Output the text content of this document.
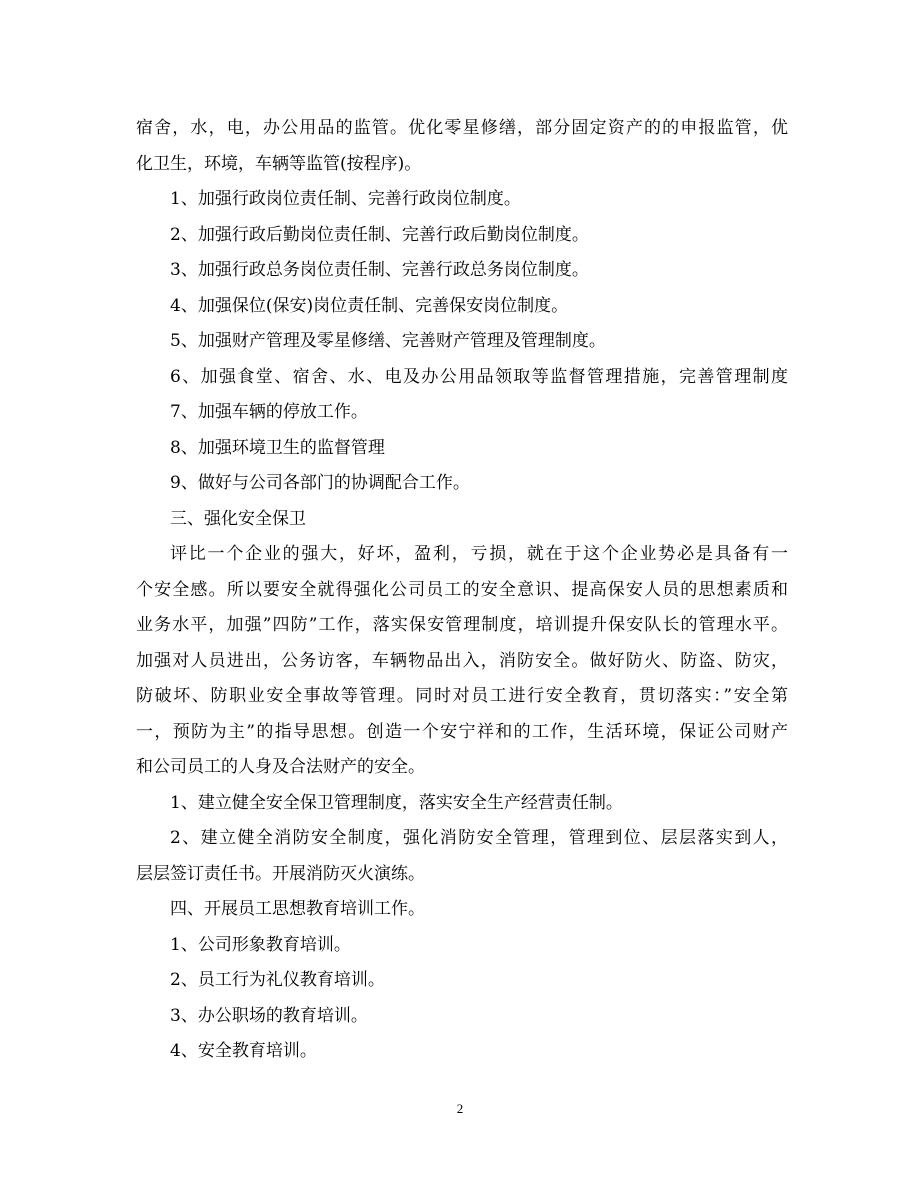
宿舍，水，电，办公用品的监管。优化零星修缮，部分固定资产的的申报监管，优

化卫生，环境，车辆等监管(按程序)。

1、加强行政岗位责任制、完善行政岗位制度。

2、加强行政后勤岗位责任制、完善行政后勤岗位制度。

3、加强行政总务岗位责任制、完善行政总务岗位制度。

4、加强保位(保安)岗位责任制、完善保安岗位制度。

5、加强财产管理及零星修缮、完善财产管理及管理制度。

6、加强食堂、宿舍、水、电及办公用品领取等监督管理措施，完善管理制度

7、加强车辆的停放工作。

8、加强环境卫生的监督管理

9、做好与公司各部门的协调配合工作。

三、强化安全保卫

评比一个企业的强大，好坏，盈利，亏损，就在于这个企业势必是具备有一

个安全感。所以要安全就得强化公司员工的安全意识、提高保安人员的思想素质和

业务水平，加强”四防”工作，落实保安管理制度，培训提升保安队长的管理水平。

加强对人员进出，公务访客，车辆物品出入，消防安全。做好防火、防盗、防灾，

防破坏、防职业安全事故等管理。同时对员工进行安全教育，贯切落实：”安全第

一，预防为主”的指导思想。创造一个安宁祥和的工作，生活环境，保证公司财产

和公司员工的人身及合法财产的安全。

1、建立健全安全保卫管理制度，落实安全生产经营责任制。

2、建立健全消防安全制度，强化消防安全管理，管理到位、层层落实到人，

层层签订责任书。开展消防灭火演练。

四、开展员工思想教育培训工作。

1、公司形象教育培训。

2、员工行为礼仪教育培训。

3、办公职场的教育培训。

4、安全教育培训。

2
